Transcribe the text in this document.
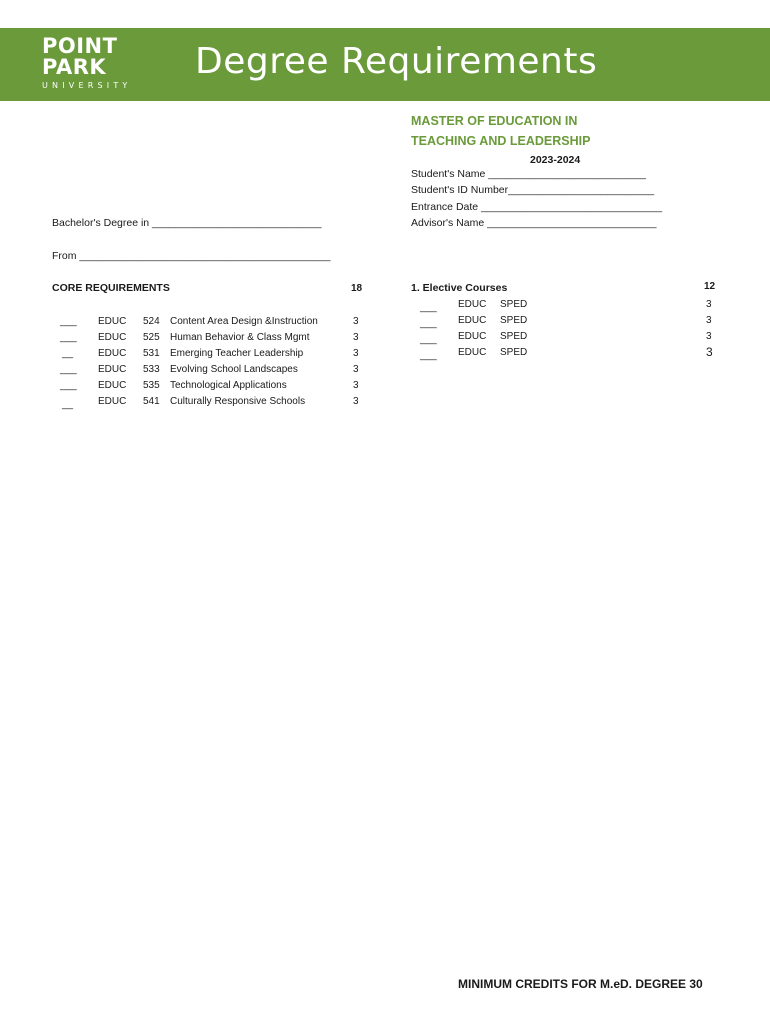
POINT
PARK
UNIVERSITY
Degree Requirements
MASTER OF EDUCATION IN
TEACHING AND LEADERSHIP
2023-2024
Student's Name ___________________________
Student's ID Number_________________________
Entrance Date _______________________________
Advisor's Name _____________________________
Bachelor's Degree in _____________________________
From ___________________________________________
CORE REQUIREMENTS	18
___ EDUC 524 Content Area Design &Instruction	3
___ EDUC 525 Human Behavior & Class Mgmt	3
__ EDUC 531 Emerging Teacher Leadership	3
___ EDUC 533 Evolving School Landscapes	3
___ EDUC 535 Technological Applications	3
__ EDUC 541 Culturally Responsive Schools	3
1. Elective Courses	12
___ EDUC SPED	3
___ EDUC SPED	3
___ EDUC SPED	3
___ EDUC SPED	3
MINIMUM CREDITS FOR M.eD. DEGREE 30
